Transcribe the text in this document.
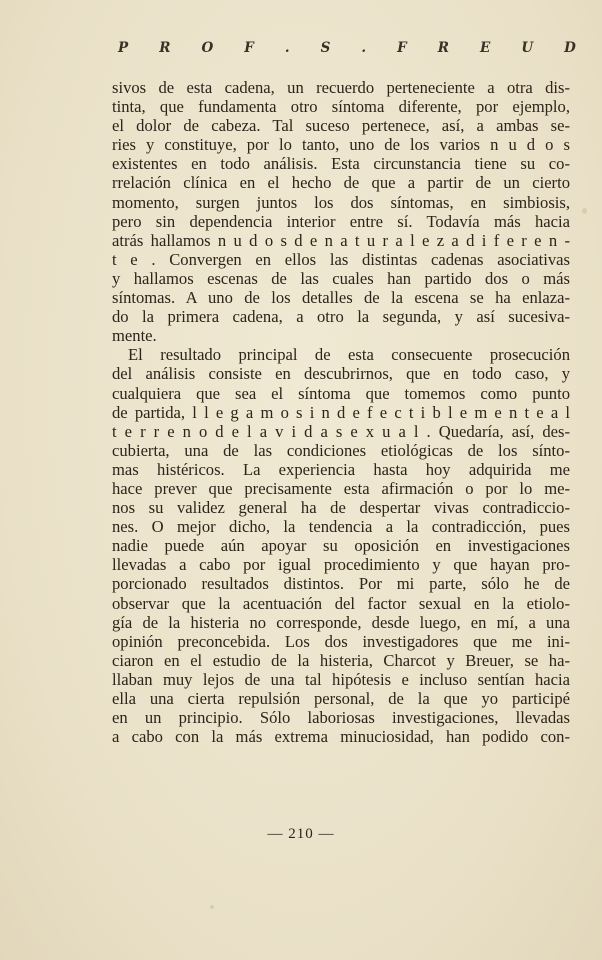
P R O F . S . F R E U D
sivos de esta cadena, un recuerdo perteneciente a otra dis-
tinta, que fundamenta otro síntoma diferente, por ejemplo,
el dolor de cabeza. Tal suceso pertenece, así, a ambas se-
ries y constituye, por lo tanto, uno de los varios n u d o s
existentes en todo análisis. Esta circunstancia tiene su co-
rrelación clínica en el hecho de que a partir de un cierto
momento, surgen juntos los dos síntomas, en simbiosis,
pero sin dependencia interior entre sí. Todavía más hacia
atrás hallamos n u d o s d e n a t u r a l e z a d i f e r e n -
t e . Convergen en ellos las distintas cadenas asociativas
y hallamos escenas de las cuales han partido dos o más
síntomas. A uno de los detalles de la escena se ha enlaza-
do la primera cadena, a otro la segunda, y así sucesiva-
mente.
El resultado principal de esta consecuente prosecución
del análisis consiste en descubrirnos, que en todo caso, y
cualquiera que sea el síntoma que tomemos como punto
de partida, l l e g a m o s i n d e f e c t i b l e m e n t e a l
t e r r e n o d e l a v i d a s e x u a l . Quedaría, así, des-
cubierta, una de las condiciones etiológicas de los sínto-
mas histéricos. La experiencia hasta hoy adquirida me
hace prever que precisamente esta afirmación o por lo me-
nos su validez general ha de despertar vivas contradiccio-
nes. O mejor dicho, la tendencia a la contradicción, pues
nadie puede aún apoyar su oposición en investigaciones
llevadas a cabo por igual procedimiento y que hayan pro-
porcionado resultados distintos. Por mi parte, sólo he de
observar que la acentuación del factor sexual en la etiolo-
gía de la histeria no corresponde, desde luego, en mí, a una
opinión preconcebida. Los dos investigadores que me ini-
ciaron en el estudio de la histeria, Charcot y Breuer, se ha-
llaban muy lejos de una tal hipótesis e incluso sentían hacia
ella una cierta repulsión personal, de la que yo participé
en un principio. Sólo laboriosas investigaciones, llevadas
a cabo con la más extrema minuciosidad, han podido con-
— 210 —
